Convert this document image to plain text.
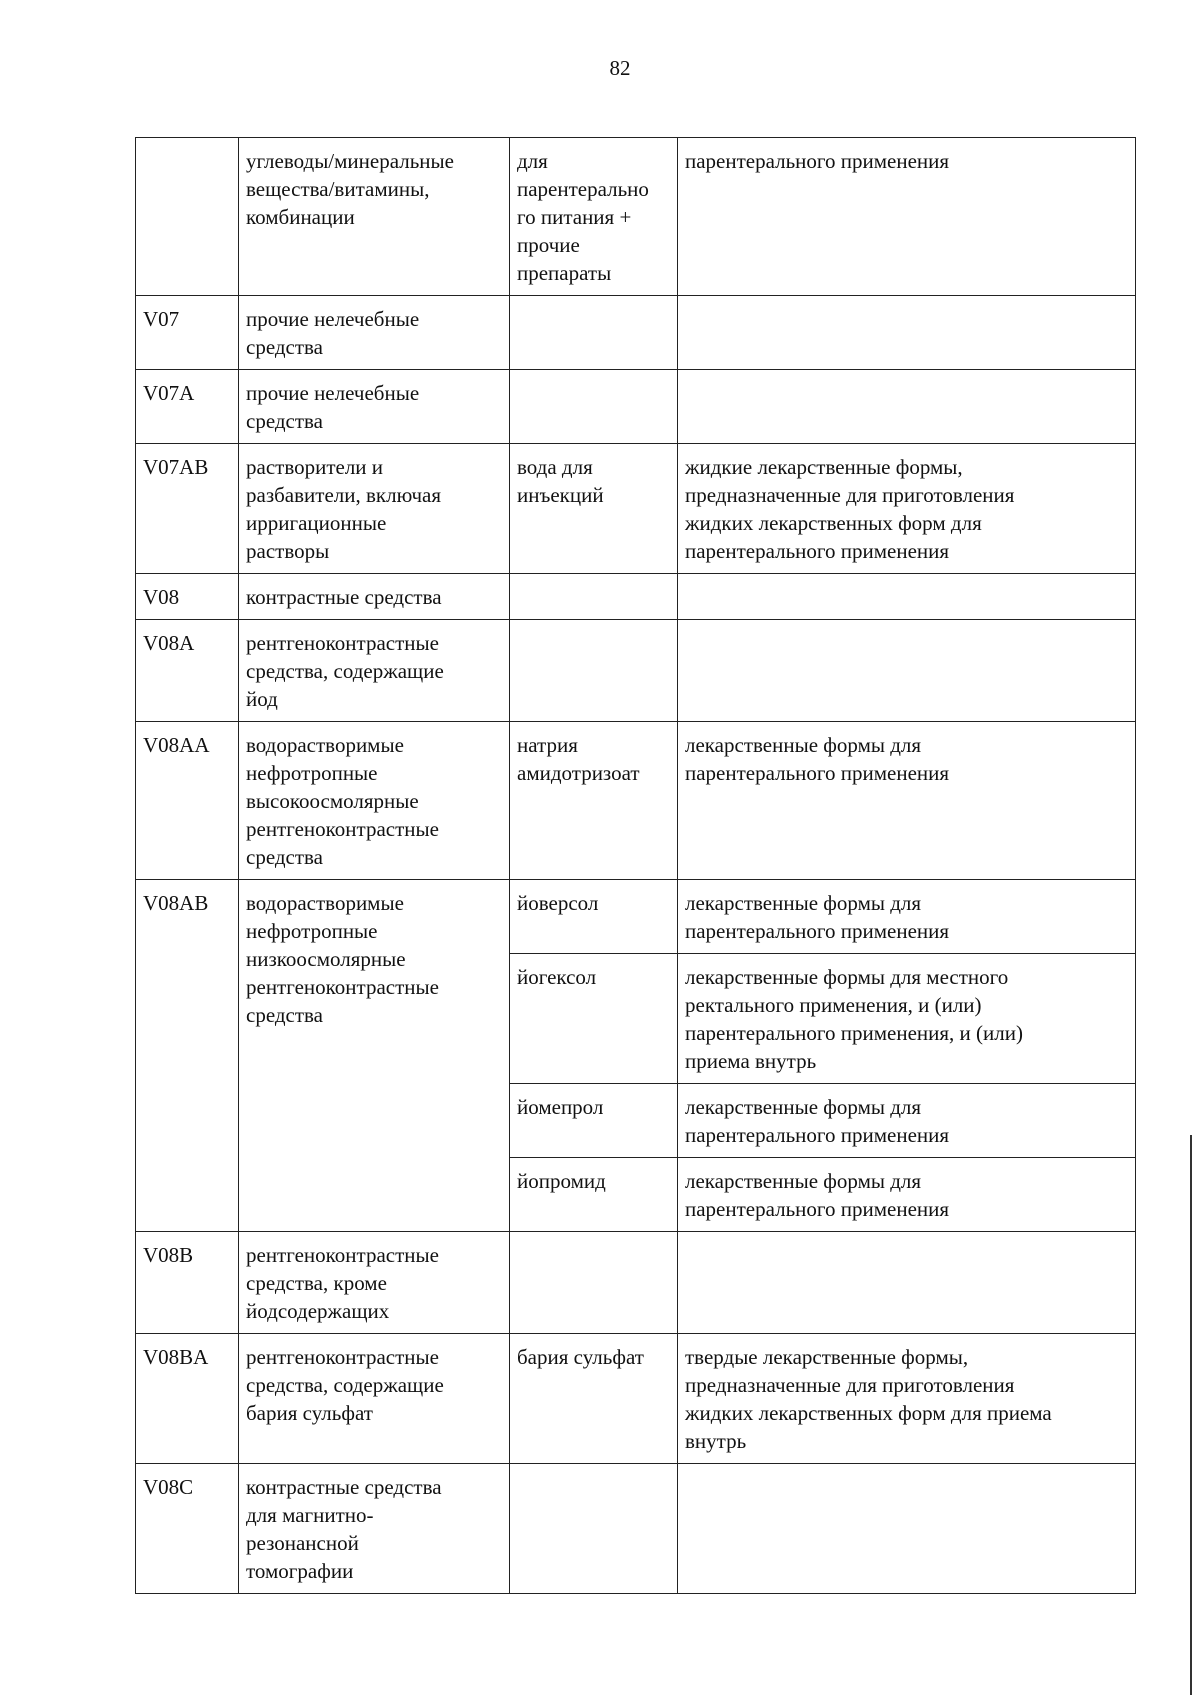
82

	углеводы/минеральные
вещества/витамины,
комбинации	для
парентерально
го питания +
прочие
препараты	парентерального применения

V07	прочие нелечебные
средства		

V07A	прочие нелечебные
средства		

V07AB	растворители и
разбавители, включая
ирригационные
растворы	вода для
инъекций	жидкие лекарственные формы,
предназначенные для приготовления
жидких лекарственных форм для
парентерального применения

V08	контрастные средства		

V08A	рентгеноконтрастные
средства, содержащие
йод		

V08AA	водорастворимые
нефротропные
высокоосмолярные
рентгеноконтрастные
средства	натрия
амидотризоат	лекарственные формы для
парентерального применения

V08AB	водорастворимые
нефротропные
низкоосмолярные
рентгеноконтрастные
средства	йоверсол	лекарственные формы для
парентерального применения

		йогексол	лекарственные формы для местного
ректального применения, и (или)
парентерального применения, и (или)
приема внутрь

		йомепрол	лекарственные формы для
парентерального применения

		йопромид	лекарственные формы для
парентерального применения

V08B	рентгеноконтрастные
средства, кроме
йодсодержащих		

V08BA	рентгеноконтрастные
средства, содержащие
бария сульфат	бария сульфат	твердые лекарственные формы,
предназначенные для приготовления
жидких лекарственных форм для приема
внутрь

V08C	контрастные средства
для магнитно-
резонансной
томографии		
